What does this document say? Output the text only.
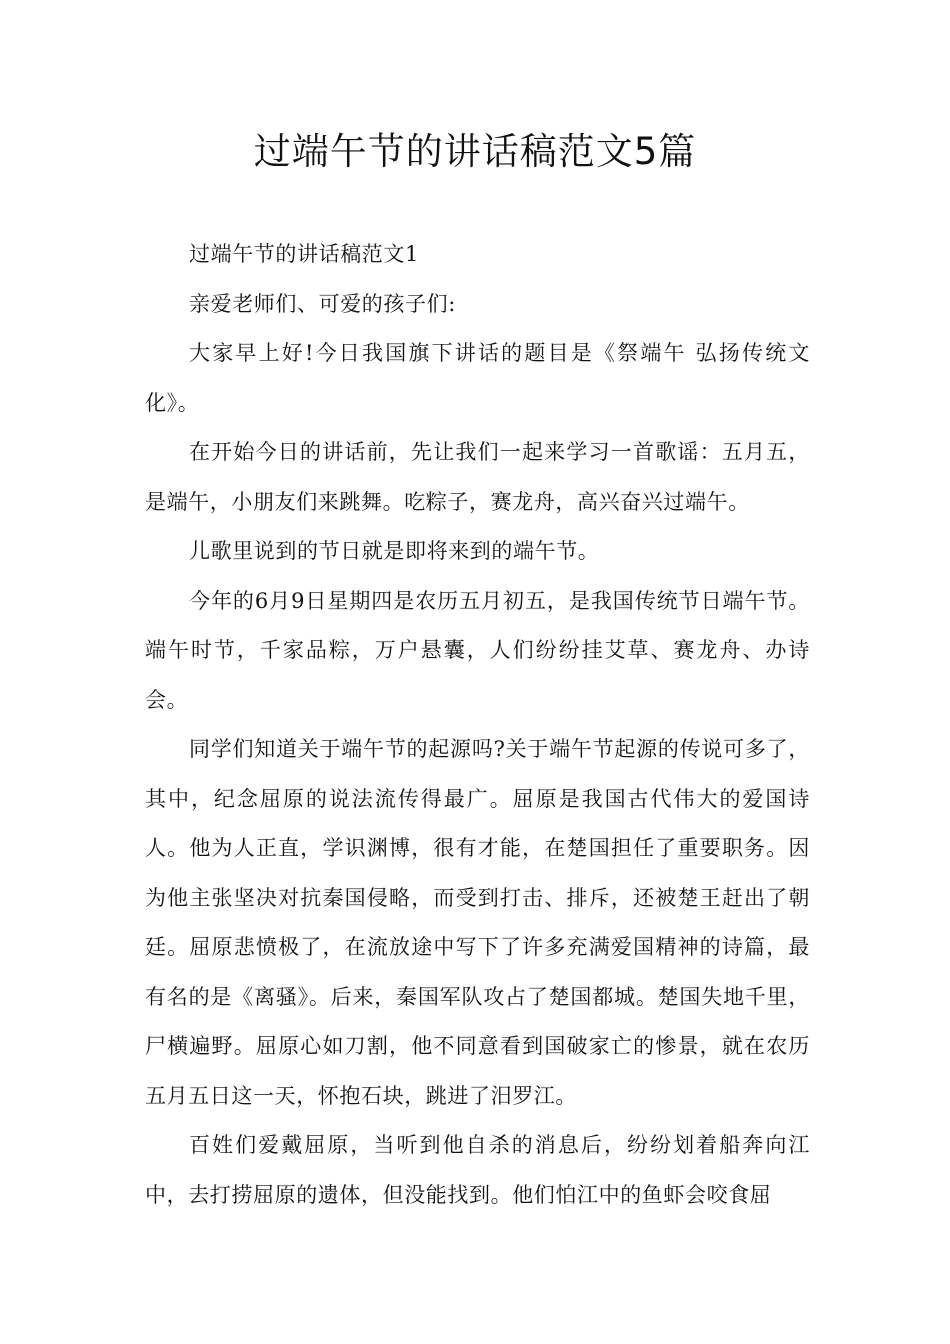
过端午节的讲话稿范文5篇

过端午节的讲话稿范文1

亲爱老师们、可爱的孩子们:

大家早上好!今日我国旗下讲话的题目是《祭端午 弘扬传统文化》。

在开始今日的讲话前，先让我们一起来学习一首歌谣：五月五，是端午，小朋友们来跳舞。吃粽子，赛龙舟，高兴奋兴过端午。

儿歌里说到的节日就是即将来到的端午节。

今年的6月9日星期四是农历五月初五，是我国传统节日端午节。端午时节，千家品粽，万户悬囊，人们纷纷挂艾草、赛龙舟、办诗会。

同学们知道关于端午节的起源吗?关于端午节起源的传说可多了，其中，纪念屈原的说法流传得最广。屈原是我国古代伟大的爱国诗人。他为人正直，学识渊博，很有才能，在楚国担任了重要职务。因为他主张坚决对抗秦国侵略，而受到打击、排斥，还被楚王赶出了朝廷。屈原悲愤极了，在流放途中写下了许多充满爱国精神的诗篇，最有名的是《离骚》。后来，秦国军队攻占了楚国都城。楚国失地千里，尸横遍野。屈原心如刀割，他不同意看到国破家亡的惨景，就在农历五月五日这一天，怀抱石块，跳进了汨罗江。

百姓们爱戴屈原，当听到他自杀的消息后，纷纷划着船奔向江中，去打捞屈原的遗体，但没能找到。他们怕江中的鱼虾会咬食屈
